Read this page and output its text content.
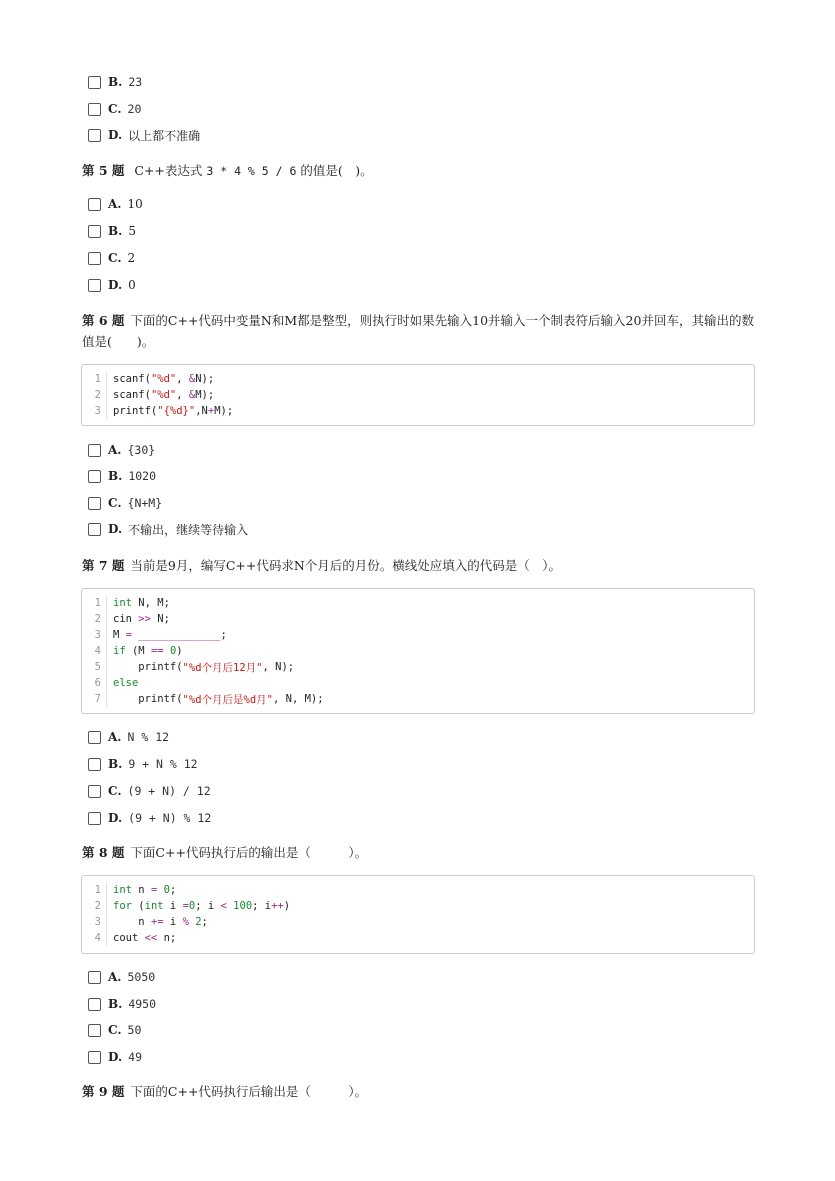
B. 23
C. 20
D. 以上都不准确
第 5 题 C++表达式 3 * 4 % 5 / 6 的值是(　)。
A. 10
B. 5
C. 2
D. 0
第 6 题 下面的C++代码中变量N和M都是整型，则执行时如果先输入10并输入一个制表符后输入20并回车，其输出的数值是(　　)。
1	scanf( "%d" , & N);
2	scanf( "%d" , & M);
3	printf( "{%d}" ,N + M);
A. {30}
B. 1020
C. {N+M}
D. 不输出，继续等待输入
第 7 题 当前是9月，编写C++代码求N个月后的月份。横线处应填入的代码是（　）。
1	int N, M;
2	cin >> N;
3	M =
_____________ ;
4	if (M ==
0 )
5	printf( "%d个月后12月" , N);
6	else
7	printf( "%d个月后是%d月" , N, M);
A. N % 12
B. 9 + N % 12
C. (9 + N) / 12
D. (9 + N) % 12
第 8 题 下面C++代码执行后的输出是（　　　）。
1	int n =
0 ;
2	for ( int i = 0 ; i <
100 ; i ++ )
3	n += i %
2 ;
4	cout << n;
A. 5050
B. 4950
C. 50
D. 49
第 9 题 下面的C++代码执行后输出是（　　　）。
